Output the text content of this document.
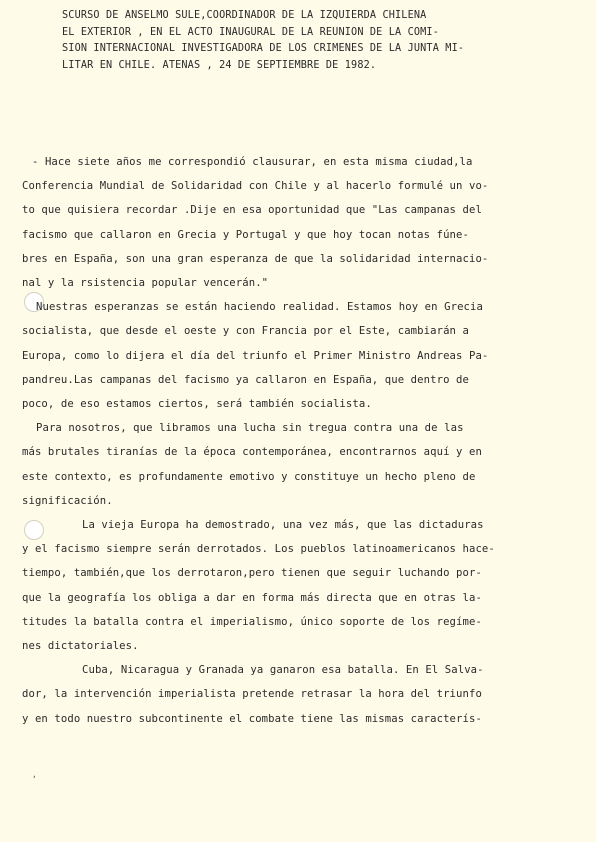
SCURSO DE ANSELMO SULE,COORDINADOR DE LA IZQUIERDA CHILENA
EL EXTERIOR , EN EL ACTO INAUGURAL DE LA REUNION DE LA COMI-
SION INTERNACIONAL INVESTIGADORA DE LOS CRIMENES DE LA JUNTA MI-
LITAR EN CHILE. ATENAS , 24 DE SEPTIEMBRE DE 1982.
- Hace siete años me correspondió clausurar, en esta misma ciudad,la
Conferencia Mundial de Solidaridad con Chile y al hacerlo formulé un vo-
to que quisiera recordar .Dije en esa oportunidad que "Las campanas del
facismo que callaron en Grecia y Portugal y que hoy tocan notas fúne-
bres en España, son una gran esperanza de que la solidaridad internacio-
nal y la rsistencia popular vencerán."
Nuestras esperanzas se están haciendo realidad. Estamos hoy en Grecia
socialista, que desde el oeste y con Francia por el Este, cambiarán a
Europa, como lo dijera el día del triunfo el Primer Ministro Andreas Pa-
pandreu.Las campanas del facismo ya callaron en España, que dentro de
poco, de eso estamos ciertos, será también socialista.
Para nosotros, que libramos una lucha sin tregua contra una de las
más brutales tiranías de la época contemporánea, encontrarnos aquí y en
este contexto, es profundamente emotivo y constituye un hecho pleno de
significación.
La vieja Europa ha demostrado, una vez más, que las dictaduras
y el facismo siempre serán derrotados. Los pueblos latinoamericanos hace-
tiempo, también,que los derrotaron,pero tienen que seguir luchando por-
que la geografía los obliga a dar en forma más directa que en otras la-
titudes la batalla contra el imperialismo, único soporte de los regíme-
nes dictatoriales.
Cuba, Nicaragua y Granada ya ganaron esa batalla. En El Salva-
dor, la intervención imperialista pretende retrasar la hora del triunfo
y en todo nuestro subcontinente el combate tiene las mismas caracterís-
,
